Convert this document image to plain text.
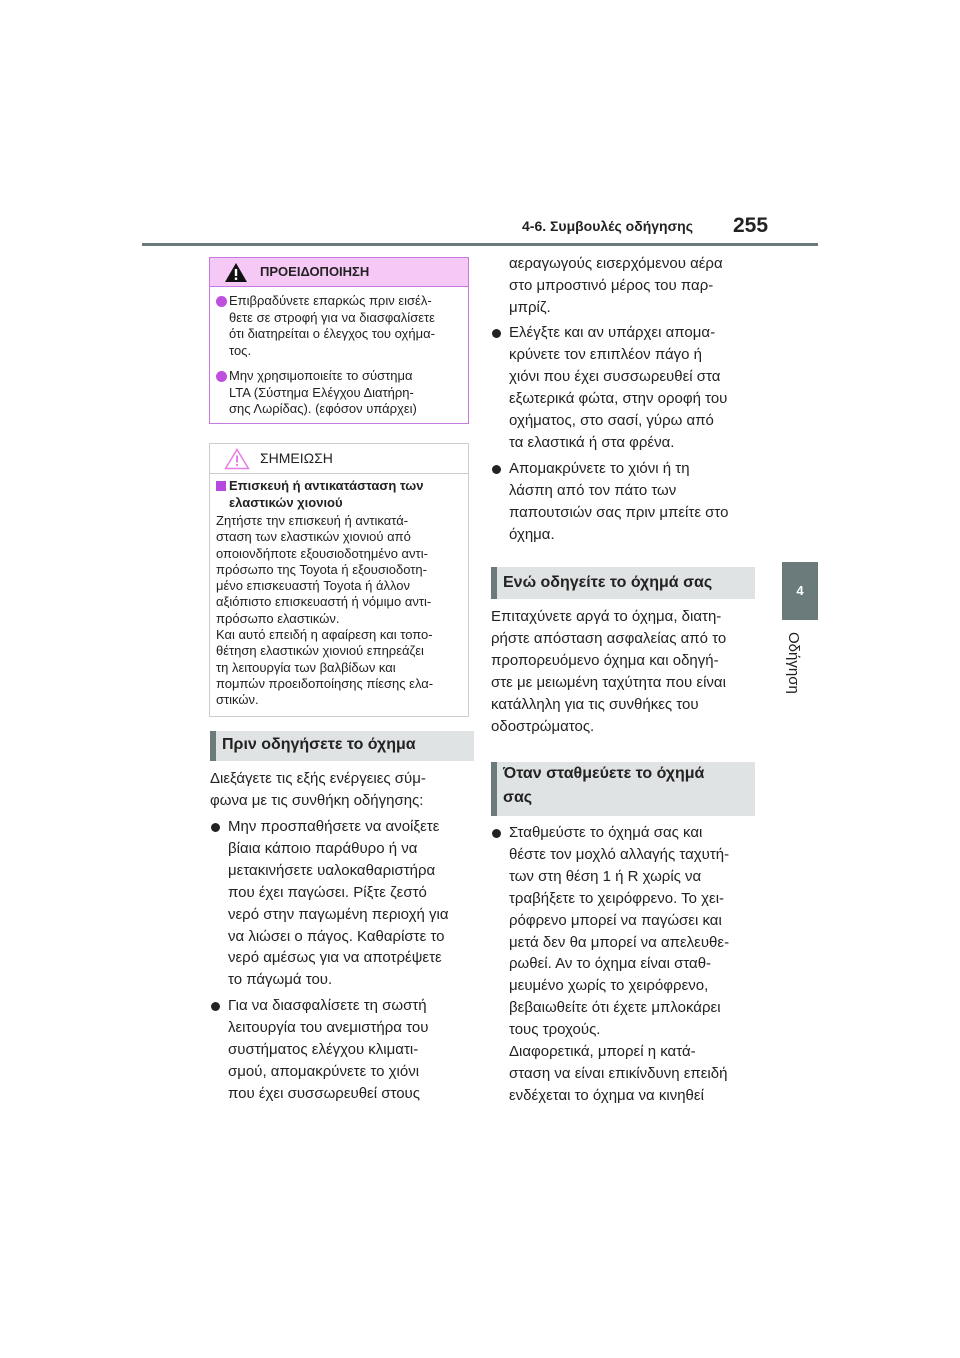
4-6. Συμβουλές οδήγησης 255
4
Οδήγηση
ΠΡΟΕΙΔΟΠΟΙΗΣΗ
Επιβραδύνετε επαρκώς πριν εισέλ-
θετε σε στροφή για να διασφαλίσετε
ότι διατηρείται ο έλεγχος του οχήμα-
τος.
Μην χρησιμοποιείτε το σύστημα
LTA (Σύστημα Ελέγχου Διατήρη-
σης Λωρίδας). (εφόσον υπάρχει)
ΣΗΜΕΙΩΣΗ
Επισκευή ή αντικατάσταση των
ελαστικών χιονιού
Ζητήστε την επισκευή ή αντικατά-
σταση των ελαστικών χιονιού από
οποιονδήποτε εξουσιοδοτημένο αντι-
πρόσωπο της Toyota ή εξουσιοδοτη-
μένο επισκευαστή Toyota ή άλλον
αξιόπιστο επισκευαστή ή νόμιμο αντι-
πρόσωπο ελαστικών.
Και αυτό επειδή η αφαίρεση και τοπο-
θέτηση ελαστικών χιονιού επηρεάζει
τη λειτουργία των βαλβίδων και
πομπών προειδοποίησης πίεσης ελα-
στικών.
Πριν οδηγήσετε το όχημα
Διεξάγετε τις εξής ενέργειες σύμ-
φωνα με τις συνθήκη οδήγησης:
Μην προσπαθήσετε να ανοίξετε
βίαια κάποιο παράθυρο ή να
μετακινήσετε υαλοκαθαριστήρα
που έχει παγώσει. Ρίξτε ζεστό
νερό στην παγωμένη περιοχή για
να λιώσει ο πάγος. Καθαρίστε το
νερό αμέσως για να αποτρέψετε
το πάγωμά του.
Για να διασφαλίσετε τη σωστή
λειτουργία του ανεμιστήρα του
συστήματος ελέγχου κλιματι-
σμού, απομακρύνετε το χιόνι
που έχει συσσωρευθεί στους
αεραγωγούς εισερχόμενου αέρα
στο μπροστινό μέρος του παρ-
μπρίζ.
Ελέγξτε και αν υπάρχει απομα-
κρύνετε τον επιπλέον πάγο ή
χιόνι που έχει συσσωρευθεί στα
εξωτερικά φώτα, στην οροφή του
οχήματος, στο σασί, γύρω από
τα ελαστικά ή στα φρένα.
Απομακρύνετε το χιόνι ή τη
λάσπη από τον πάτο των
παπουτσιών σας πριν μπείτε στο
όχημα.
Ενώ οδηγείτε το όχημά σας
Επιταχύνετε αργά το όχημα, διατη-
ρήστε απόσταση ασφαλείας από το
προπορευόμενο όχημα και οδηγή-
στε με μειωμένη ταχύτητα που είναι
κατάλληλη για τις συνθήκες του
οδοστρώματος.
Όταν σταθμεύετε το όχημά
σας
Σταθμεύστε το όχημά σας και
θέστε τον μοχλό αλλαγής ταχυτή-
των στη θέση 1 ή R χωρίς να
τραβήξετε το χειρόφρενο. Το χει-
ρόφρενο μπορεί να παγώσει και
μετά δεν θα μπορεί να απελευθε-
ρωθεί. Αν το όχημα είναι σταθ-
μευμένο χωρίς το χειρόφρενο,
βεβαιωθείτε ότι έχετε μπλοκάρει
τους τροχούς.
Διαφορετικά, μπορεί η κατά-
σταση να είναι επικίνδυνη επειδή
ενδέχεται το όχημα να κινηθεί
